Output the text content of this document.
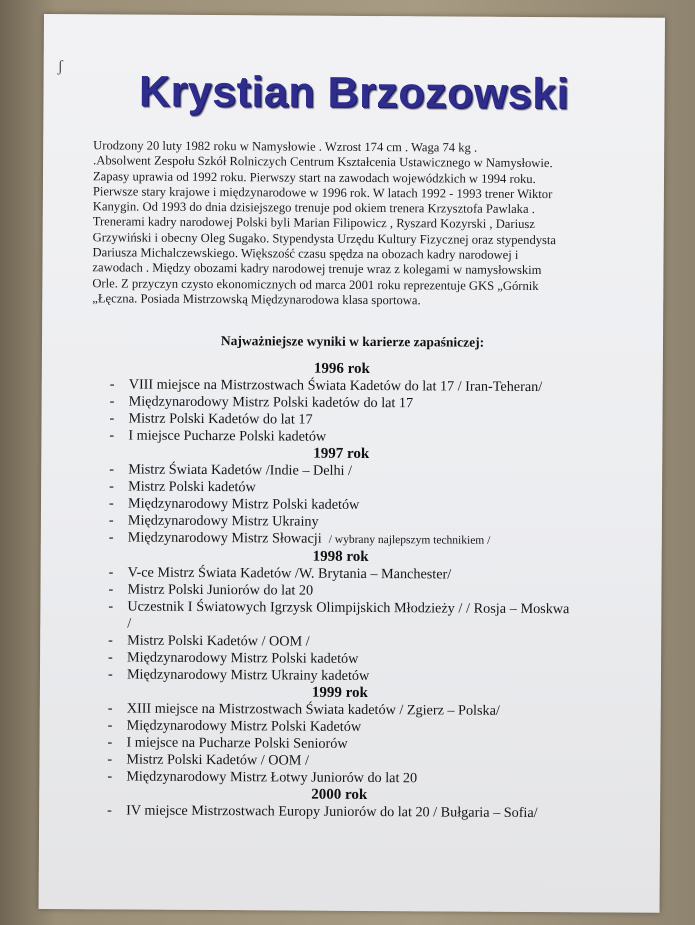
ʃ
Krystian Brzozowski
Urodzony 20 luty 1982 roku w Namysłowie . Wzrost 174 cm . Waga 74 kg .
.Absolwent Zespołu Szkół Rolniczych Centrum Kształcenia Ustawicznego w Namysłowie.
Zapasy uprawia od 1992 roku. Pierwszy start na zawodach wojewódzkich w 1994 roku.
Pierwsze stary krajowe i międzynarodowe w 1996 rok. W latach 1992 - 1993 trener Wiktor
Kanygin. Od 1993 do dnia dzisiejszego trenuje pod okiem trenera Krzysztofa Pawlaka .
Trenerami kadry narodowej Polski byli Marian Filipowicz , Ryszard Kozyrski , Dariusz
Grzywiński i obecny Oleg Sugako. Stypendysta Urzędu Kultury Fizycznej oraz stypendysta
Dariusza Michalczewskiego. Większość czasu spędza na obozach kadry narodowej i
zawodach . Między obozami kadry narodowej trenuje wraz z kolegami w namysłowskim
Orle. Z przyczyn czysto ekonomicznych od marca 2001 roku reprezentuje GKS „Górnik
„Łęczna. Posiada Mistrzowską Międzynarodowa klasa sportowa.
Najważniejsze wyniki w karierze zapaśniczej:
1996 rok
- VIII miejsce na Mistrzostwach Świata Kadetów do lat 17 / Iran-Teheran/
- Międzynarodowy Mistrz Polski kadetów do lat 17
- Mistrz Polski Kadetów do lat 17
- I miejsce Pucharze Polski kadetów
1997 rok
- Mistrz Świata Kadetów /Indie – Delhi /
- Mistrz Polski kadetów
- Międzynarodowy Mistrz Polski kadetów
- Międzynarodowy Mistrz Ukrainy
- Międzynarodowy Mistrz Słowacji / wybrany najlepszym technikiem /
1998 rok
- V-ce Mistrz Świata Kadetów /W. Brytania – Manchester/
- Mistrz Polski Juniorów do lat 20
- Uczestnik I Światowych Igrzysk Olimpijskich Młodzieży / / Rosja – Moskwa /
- Mistrz Polski Kadetów / OOM /
- Międzynarodowy Mistrz Polski kadetów
- Międzynarodowy Mistrz Ukrainy kadetów
1999 rok
- XIII miejsce na Mistrzostwach Świata kadetów / Zgierz – Polska/
- Międzynarodowy Mistrz Polski Kadetów
- I miejsce na Pucharze Polski Seniorów
- Mistrz Polski Kadetów / OOM /
- Międzynarodowy Mistrz Łotwy Juniorów do lat 20
2000 rok
- IV miejsce Mistrzostwach Europy Juniorów do lat 20 / Bułgaria – Sofia/
